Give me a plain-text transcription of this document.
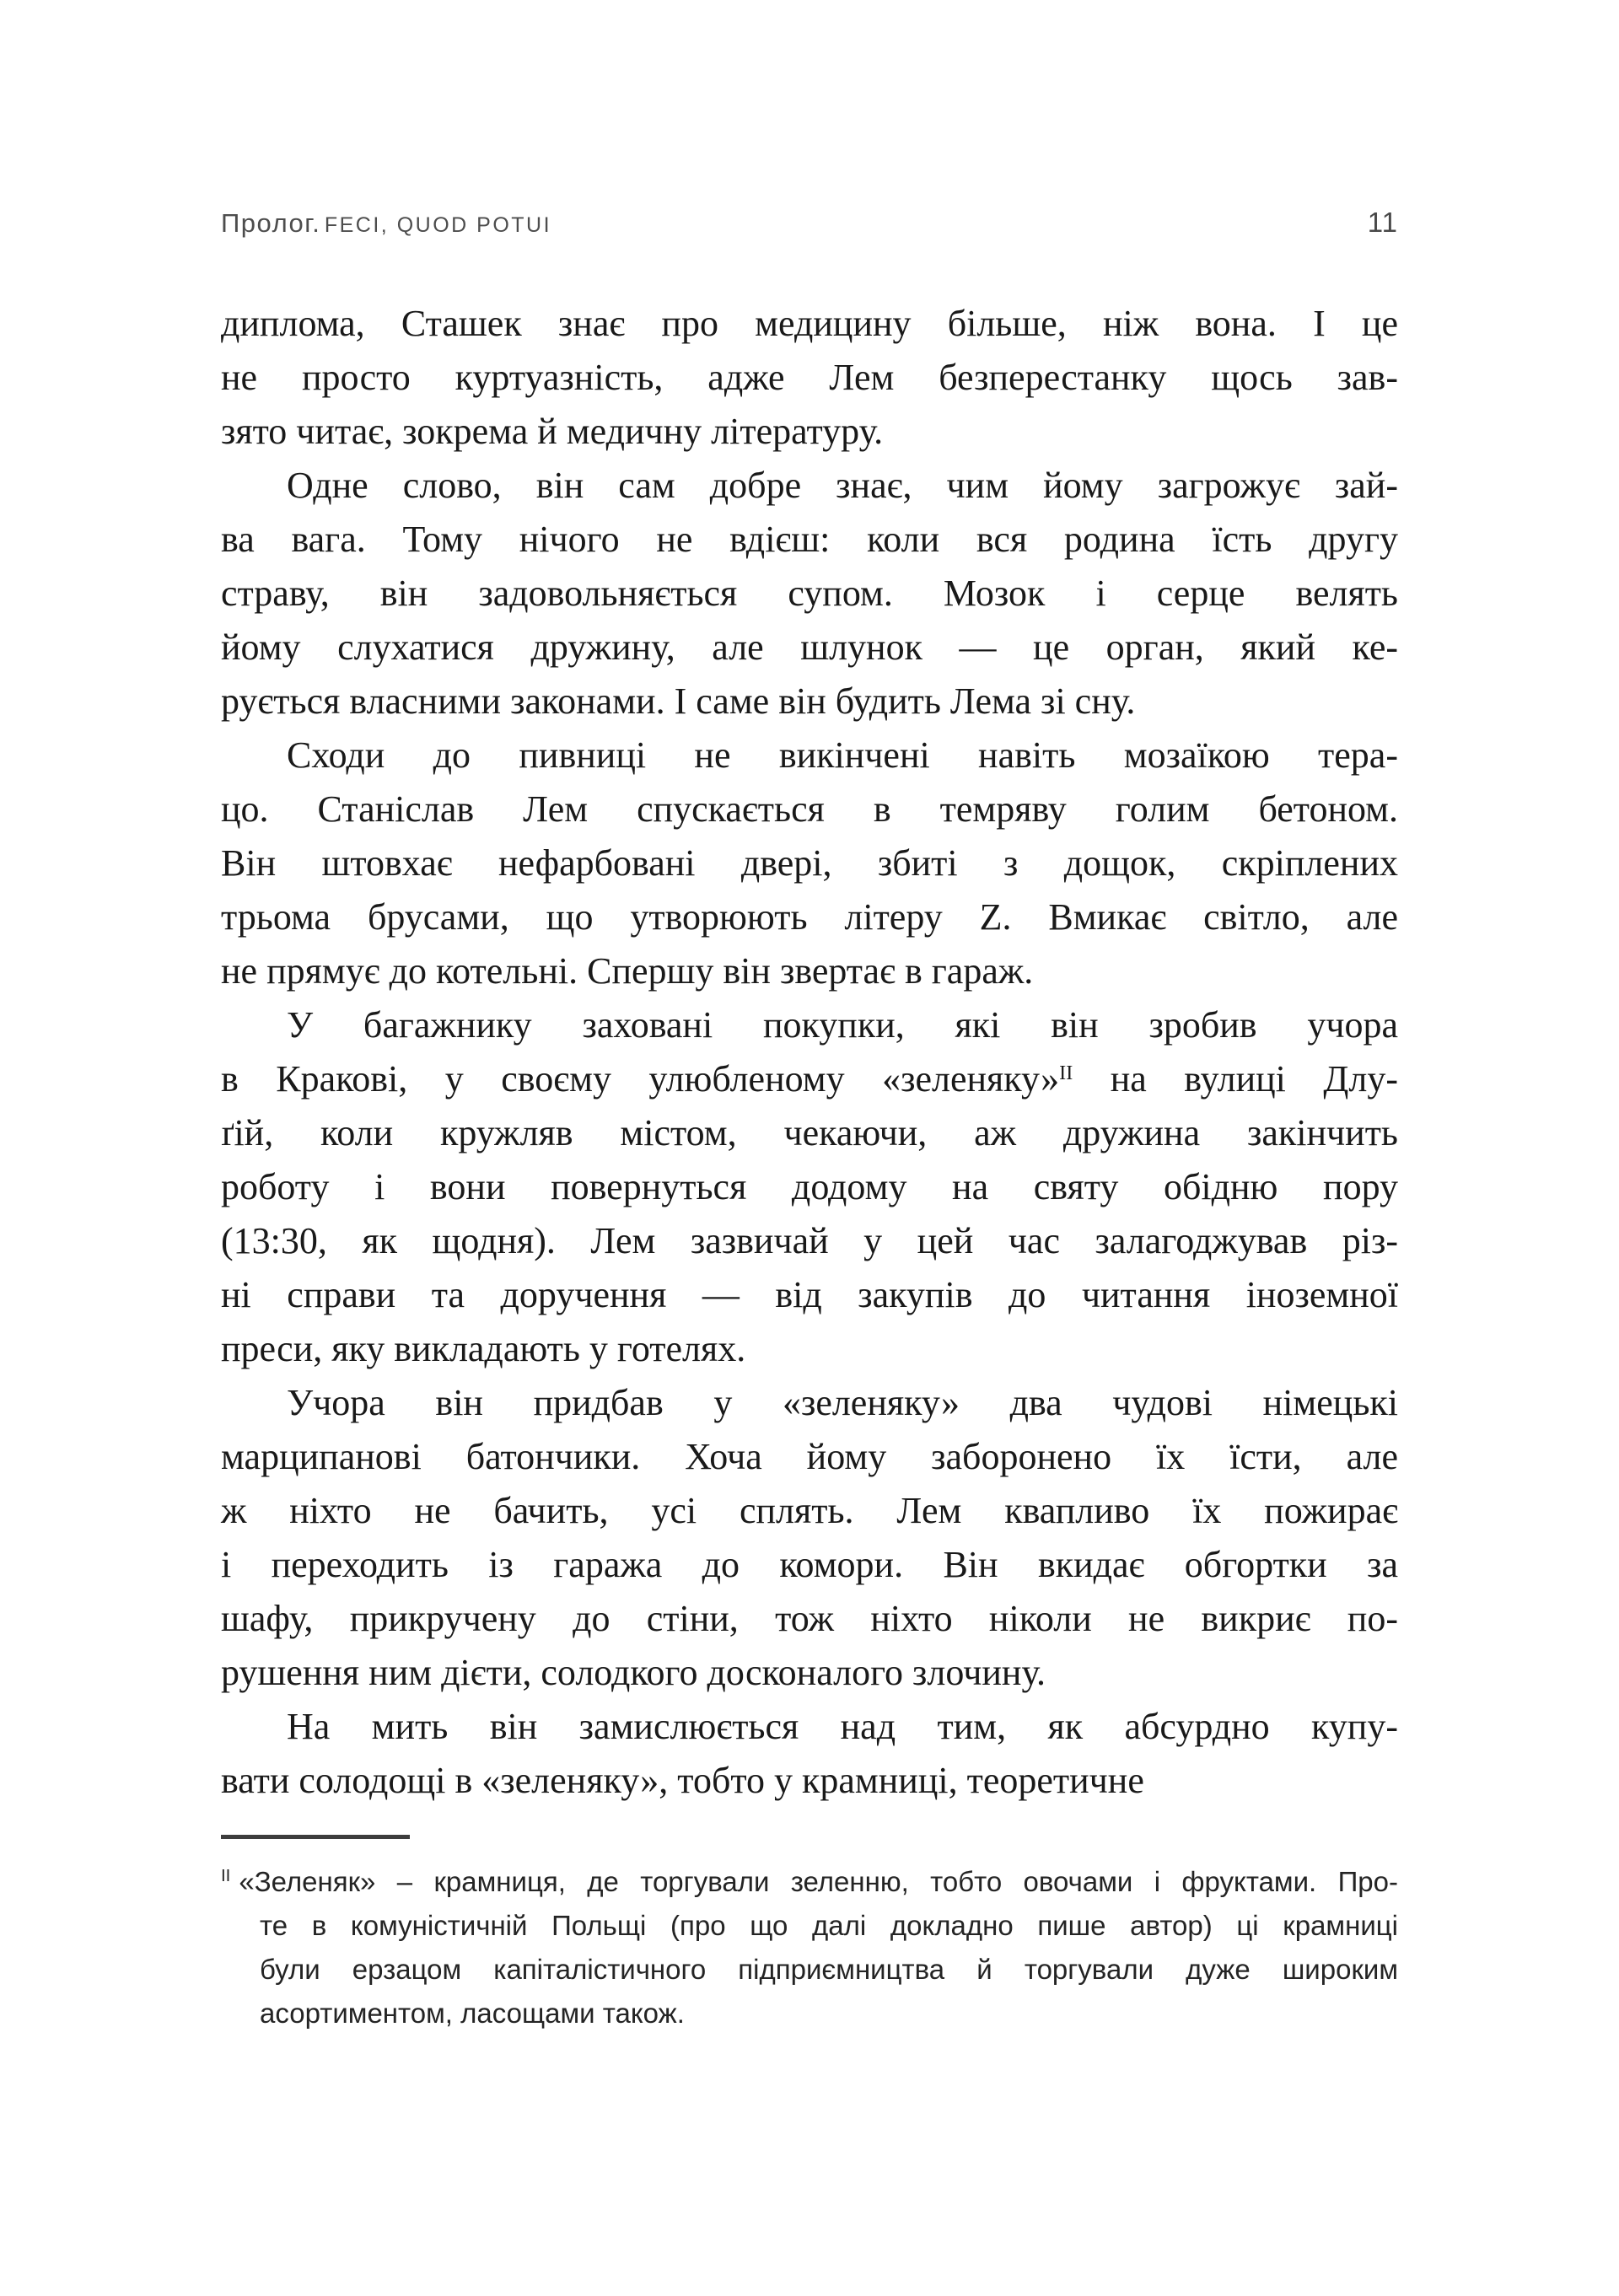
Пролог. FECI, QUOD POTUI	11
диплома, Сташек знає про медицину більше, ніж вона. І це
не просто куртуазність, адже Лем безперестанку щось зав-
зято читає, зокрема й медичну літературу.
Одне слово, він сам добре знає, чим йому загрожує зай-
ва вага. Тому нічого не вдієш: коли вся родина їсть другу
страву, він задовольняється супом. Мозок і серце велять
йому слухатися дружину, але шлунок — це орган, який ке-
рується власними законами. І саме він будить Лема зі сну.
Сходи до пивниці не викінчені навіть мозаїкою тера-
цо. Станіслав Лем спускається в темряву голим бетоном.
Він штовхає нефарбовані двері, збиті з дощок, скріплених
трьома брусами, що утворюють літеру Z. Вмикає світло, але
не прямує до котельні. Спершу він звертає в гараж.
У багажнику заховані покупки, які він зробив учора
в Кракові, у своєму улюбленому «зеленяку»$^{II}$ на вулиці Длу-
ґій, коли кружляв містом, чекаючи, аж дружина закінчить
роботу і вони повернуться додому на святу обідню пору
(13:30, як щодня). Лем зазвичай у цей час залагоджував різ-
ні справи та доручення — від закупів до читання іноземної
преси, яку викладають у готелях.
Учора він придбав у «зеленяку» два чудові німецькі
марципанові батончики. Хоча йому заборонено їх їсти, але
ж ніхто не бачить, усі сплять. Лем квапливо їх пожирає
і переходить із гаража до комори. Він вкидає обгортки за
шафу, прикручену до стіни, тож ніхто ніколи не викриє по-
рушення ним дієти, солодкого досконалого злочину.
На мить він замислюється над тим, як абсурдно купу-
вати солодощі в «зеленяку», тобто у крамниці, теоретичне
$^{II}$ «Зеленяк» – крамниця, де торгували зеленню, тобто овочами і фруктами. Про-
те в комуністичній Польщі (про що далі докладно пише автор) ці крамниці
були ерзацом капіталістичного підприємництва й торгували дуже широким
асортиментом, ласощами також.
